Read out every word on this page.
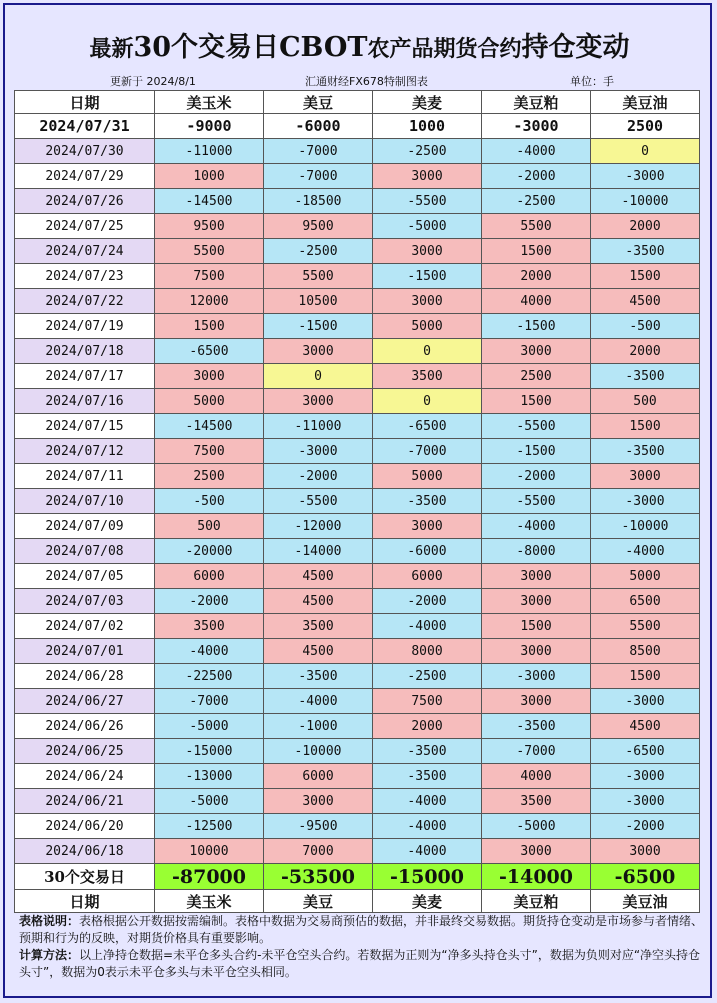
最新30个交易日CBOT农产品期货合约持仓变动
更新于 2024/8/1	汇通财经FX678特制图表	单位：手
日期	美玉米	美豆	美麦	美豆粕	美豆油
2024/07/31	-9000	-6000	1000	-3000	2500
2024/07/30	-11000	-7000	-2500	-4000	0
2024/07/29	1000	-7000	3000	-2000	-3000
2024/07/26	-14500	-18500	-5500	-2500	-10000
2024/07/25	9500	9500	-5000	5500	2000
2024/07/24	5500	-2500	3000	1500	-3500
2024/07/23	7500	5500	-1500	2000	1500
2024/07/22	12000	10500	3000	4000	4500
2024/07/19	1500	-1500	5000	-1500	-500
2024/07/18	-6500	3000	0	3000	2000
2024/07/17	3000	0	3500	2500	-3500
2024/07/16	5000	3000	0	1500	500
2024/07/15	-14500	-11000	-6500	-5500	1500
2024/07/12	7500	-3000	-7000	-1500	-3500
2024/07/11	2500	-2000	5000	-2000	3000
2024/07/10	-500	-5500	-3500	-5500	-3000
2024/07/09	500	-12000	3000	-4000	-10000
2024/07/08	-20000	-14000	-6000	-8000	-4000
2024/07/05	6000	4500	6000	3000	5000
2024/07/03	-2000	4500	-2000	3000	6500
2024/07/02	3500	3500	-4000	1500	5500
2024/07/01	-4000	4500	8000	3000	8500
2024/06/28	-22500	-3500	-2500	-3000	1500
2024/06/27	-7000	-4000	7500	3000	-3000
2024/06/26	-5000	-1000	2000	-3500	4500
2024/06/25	-15000	-10000	-3500	-7000	-6500
2024/06/24	-13000	6000	-3500	4000	-3000
2024/06/21	-5000	3000	-4000	3500	-3000
2024/06/20	-12500	-9500	-4000	-5000	-2000
2024/06/18	10000	7000	-4000	3000	3000
30个交易日	-87000	-53500	-15000	-14000	-6500
日期	美玉米	美豆	美麦	美豆粕	美豆油
表格说明：表格根据公开数据按需编制。表格中数据为交易商预估的数据，并非最终交易数据。期货持仓变动是市场参与者情绪、预期和行为的反映，对期货价格具有重要影响。
计算方法：以上净持仓数据=未平仓多头合约-未平仓空头合约。若数据为正则为“净多头持仓头寸”，数据为负则对应“净空头持仓头寸”，数据为0表示未平仓多头与未平仓空头相同。
